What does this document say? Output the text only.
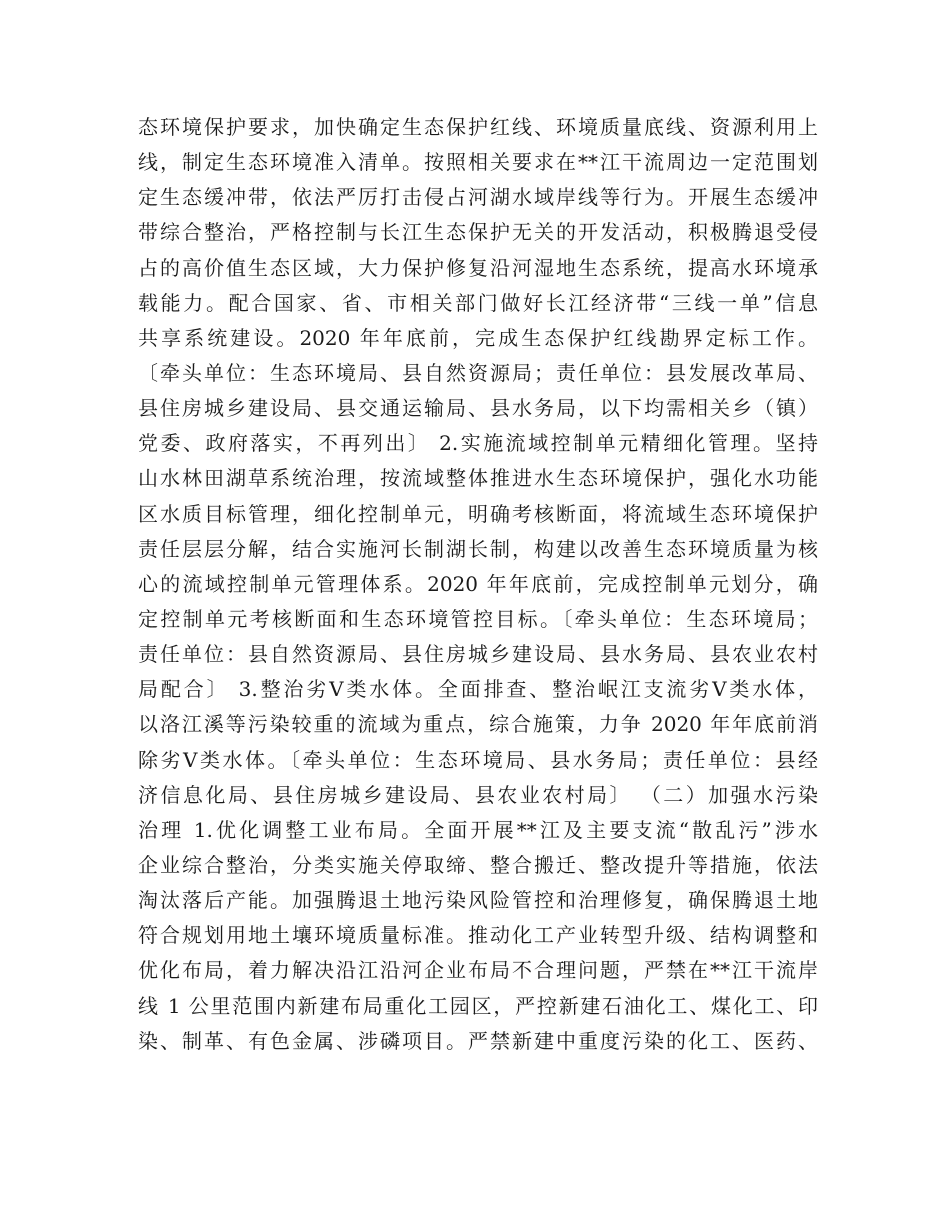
态环境保护要求，加快确定生态保护红线、环境质量底线、资源利用上
线，制定生态环境准入清单。按照相关要求在**江干流周边一定范围划
定生态缓冲带，依法严厉打击侵占河湖水域岸线等行为。开展生态缓冲
带综合整治，严格控制与长江生态保护无关的开发活动，积极腾退受侵
占的高价值生态区域，大力保护修复沿河湿地生态系统，提高水环境承
载能力。配合国家、省、市相关部门做好长江经济带“三线一单”信息
共享系统建设。2020 年年底前，完成生态保护红线勘界定标工作。
〔牵头单位：生态环境局、县自然资源局；责任单位：县发展改革局、
县住房城乡建设局、县交通运输局、县水务局，以下均需相关乡（镇）
党委、政府落实，不再列出〕 2.实施流域控制单元精细化管理。坚持
山水林田湖草系统治理，按流域整体推进水生态环境保护，强化水功能
区水质目标管理，细化控制单元，明确考核断面，将流域生态环境保护
责任层层分解，结合实施河长制湖长制，构建以改善生态环境质量为核
心的流域控制单元管理体系。2020 年年底前，完成控制单元划分，确
定控制单元考核断面和生态环境管控目标。〔牵头单位：生态环境局；
责任单位：县自然资源局、县住房城乡建设局、县水务局、县农业农村
局配合〕 3.整治劣Ⅴ类水体。全面排查、整治岷江支流劣Ⅴ类水体，
以洛江溪等污染较重的流域为重点，综合施策，力争 2020 年年底前消
除劣Ⅴ类水体。〔牵头单位：生态环境局、县水务局；责任单位：县经
济信息化局、县住房城乡建设局、县农业农村局〕 （二）加强水污染
治理 1.优化调整工业布局。全面开展**江及主要支流“散乱污”涉水
企业综合整治，分类实施关停取缔、整合搬迁、整改提升等措施，依法
淘汰落后产能。加强腾退土地污染风险管控和治理修复，确保腾退土地
符合规划用地土壤环境质量标准。推动化工产业转型升级、结构调整和
优化布局，着力解决沿江沿河企业布局不合理问题，严禁在**江干流岸
线 1 公里范围内新建布局重化工园区，严控新建石油化工、煤化工、印
染、制革、有色金属、涉磷项目。严禁新建中重度污染的化工、医药、
